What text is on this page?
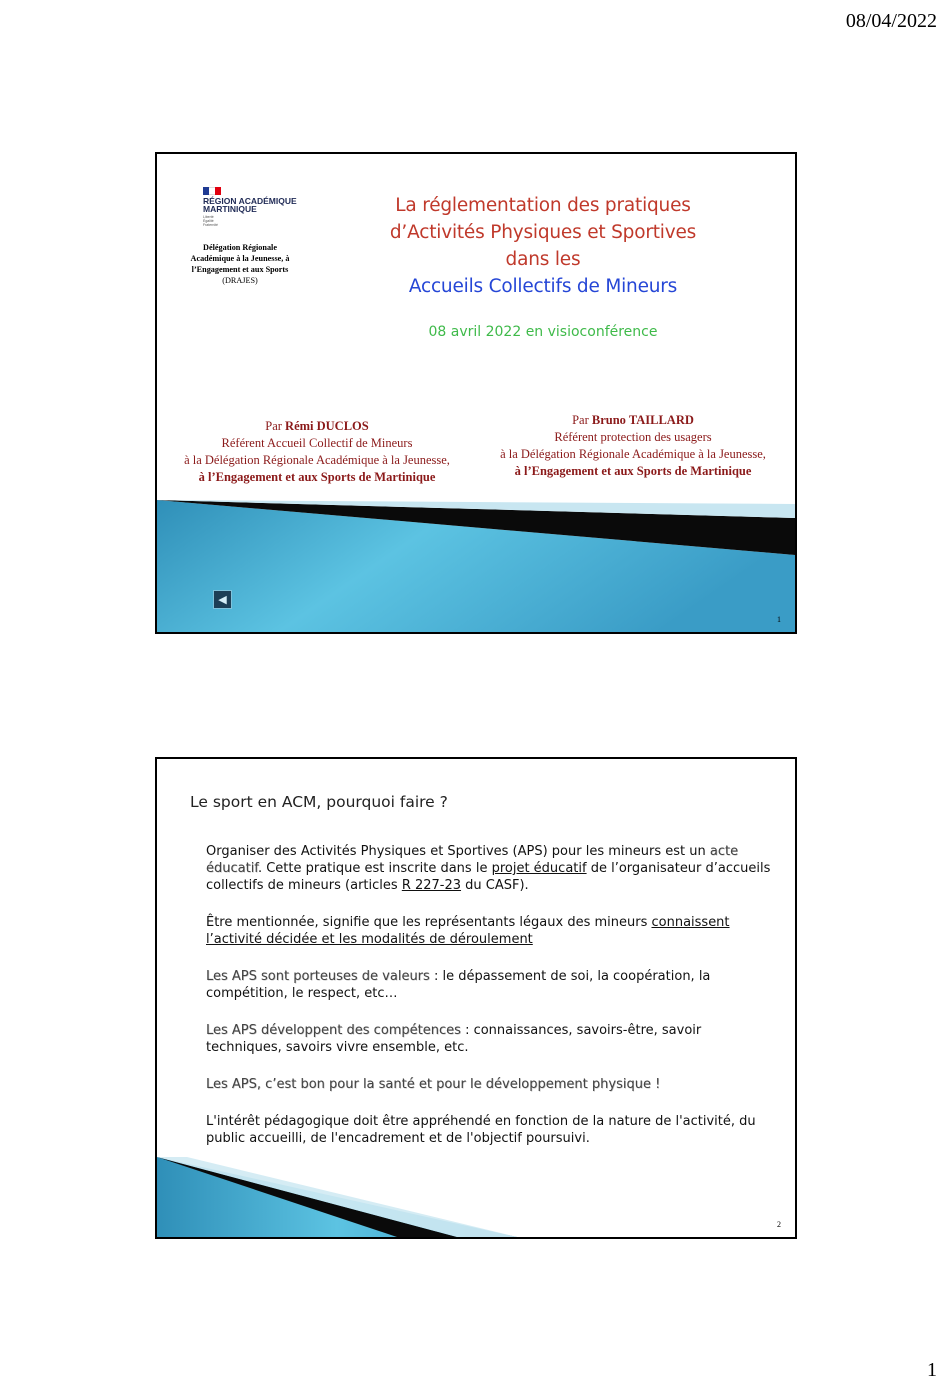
08/04/2022
RÉGION ACADÉMIQUE
MARTINIQUE
Liberté
Égalité
Fraternité
Délégation Régionale
Académique à la Jeunesse, à
l’Engagement et aux Sports
(DRAJES)
La réglementation des pratiques
d’Activités Physiques et Sportives
dans les
Accueils Collectifs de Mineurs
08 avril 2022 en visioconférence
Par Rémi DUCLOS
Référent Accueil Collectif de Mineurs
à la Délégation Régionale Académique à la Jeunesse,
à l’Engagement et aux Sports de Martinique
Par Bruno TAILLARD
Référent protection des usagers
à la Délégation Régionale Académique à la Jeunesse,
à l’Engagement et aux Sports de Martinique
◀
1
Le sport en ACM, pourquoi faire ?

Organiser des Activités Physiques et Sportives (APS) pour les mineurs est un acte éducatif. Cette pratique est inscrite dans le projet éducatif de l’organisateur d’accueils collectifs de mineurs (articles R 227-23 du CASF).

Être mentionnée, signifie que les représentants légaux des mineurs connaissent l’activité décidée et les modalités de déroulement

Les APS sont porteuses de valeurs : le dépassement de soi, la coopération, la compétition, le respect, etc…

Les APS développent des compétences : connaissances, savoirs-être, savoir techniques, savoirs vivre ensemble, etc.

Les APS, c’est bon pour la santé et pour le développement physique !

L'intérêt pédagogique doit être appréhendé en fonction de la nature de l'activité, du public accueilli, de l'encadrement et de l'objectif poursuivi.

2
1
